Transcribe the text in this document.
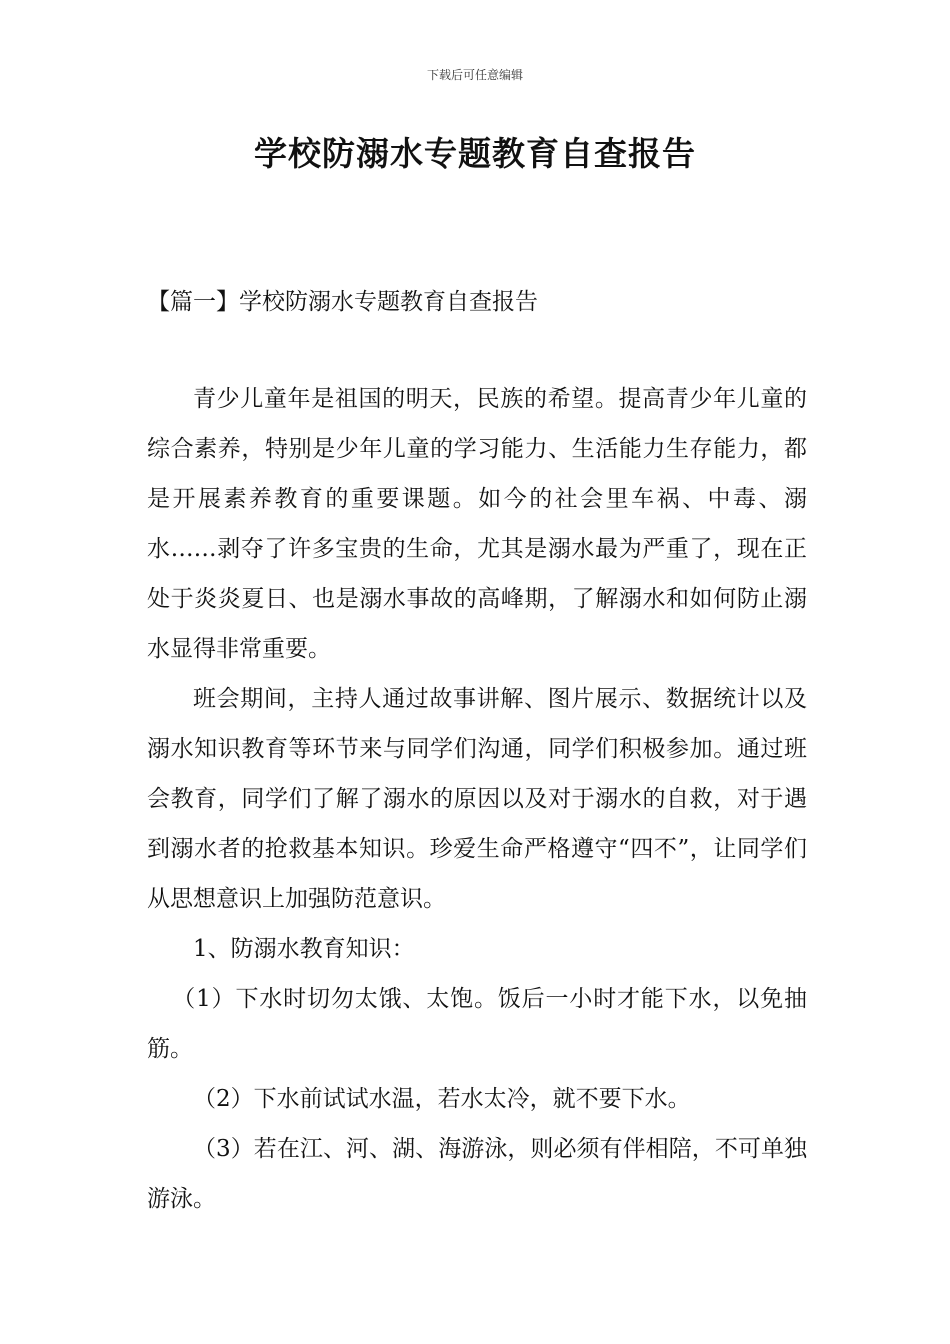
下载后可任意编辑
学校防溺水专题教育自查报告
【篇一】学校防溺水专题教育自查报告

青少儿童年是祖国的明天，民族的希望。提高青少年儿童的综合素养，特别是少年儿童的学习能力、生活能力生存能力，都是开展素养教育的重要课题。如今的社会里车祸、中毒、溺水……剥夺了许多宝贵的生命，尤其是溺水最为严重了，现在正处于炎炎夏日、也是溺水事故的高峰期，了解溺水和如何防止溺水显得非常重要。

班会期间，主持人通过故事讲解、图片展示、数据统计以及溺水知识教育等环节来与同学们沟通，同学们积极参加。通过班会教育，同学们了解了溺水的原因以及对于溺水的自救，对于遇到溺水者的抢救基本知识。珍爱生命严格遵守“四不”，让同学们从思想意识上加强防范意识。

1、防溺水教育知识：

（1）下水时切勿太饿、太饱。饭后一小时才能下水，以免抽筋。

（2）下水前试试水温，若水太冷，就不要下水。

（3）若在江、河、湖、海游泳，则必须有伴相陪，不可单独游泳。
